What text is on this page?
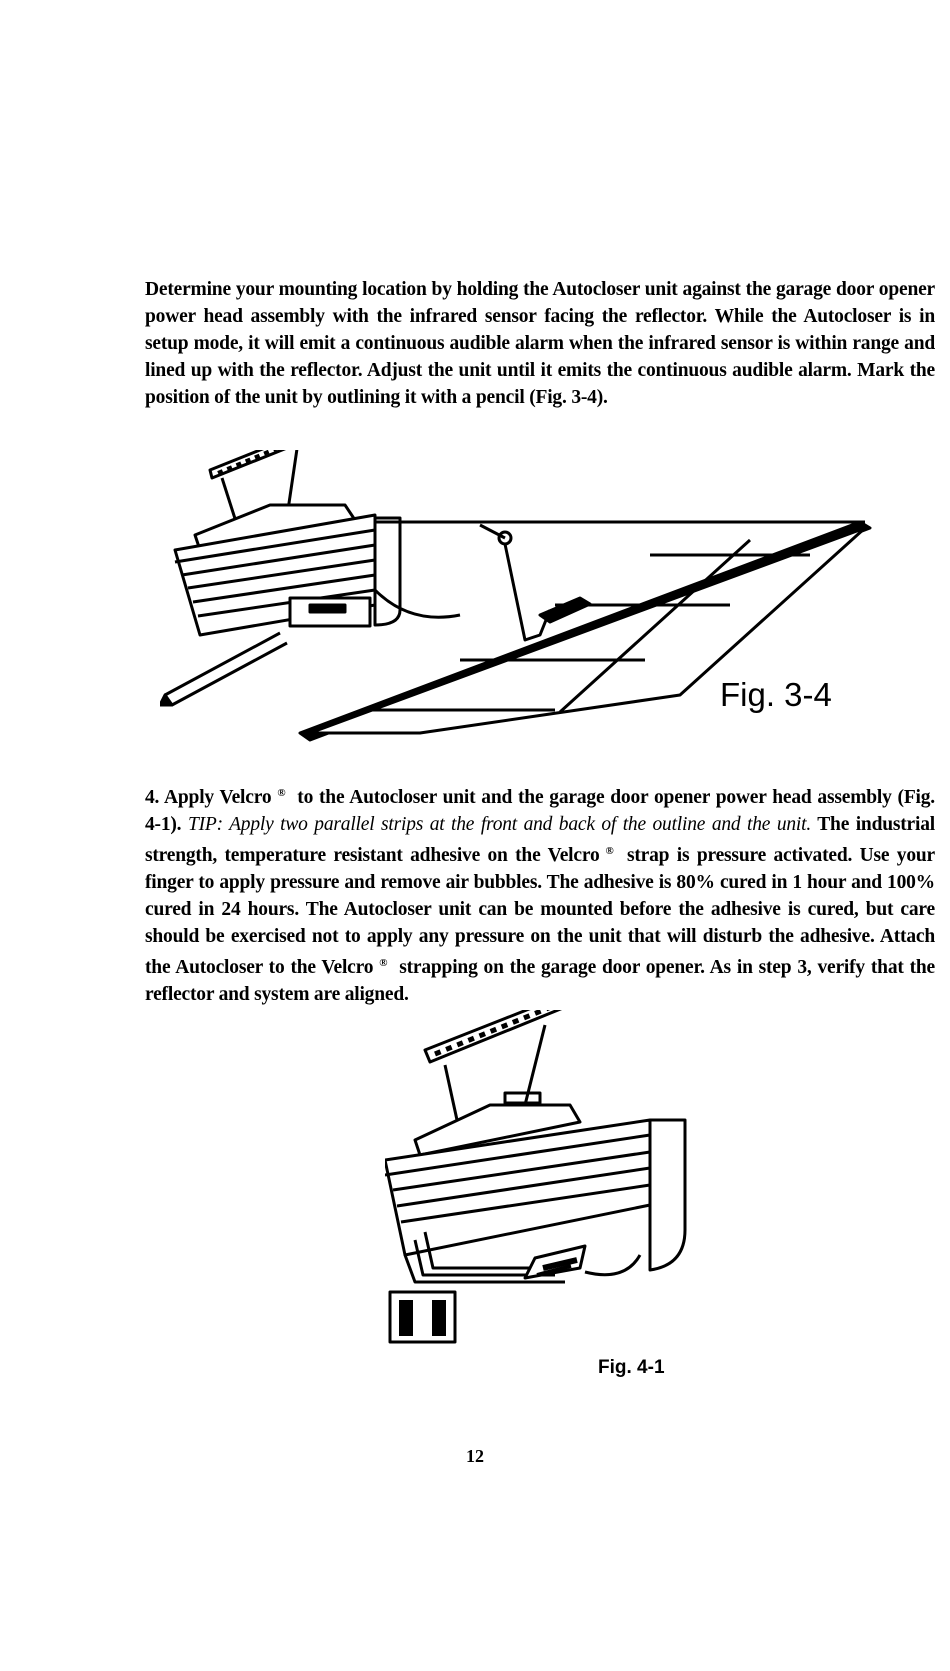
Determine your mounting location by holding the Autocloser unit against the garage door opener power head assembly with the infrared sensor facing the reflector. While the Autocloser is in setup mode, it will emit a continuous audible alarm when the infrared sensor is within range and lined up with the reflector. Adjust the unit until it emits the continuous audible alarm. Mark the position of the unit by outlining it with a pencil (Fig. 3-4).
Fig. 3-4
4. Apply Velcro ® to the Autocloser unit and the garage door opener power head assembly (Fig. 4-1). TIP: Apply two parallel strips at the front and back of the outline and the unit. The industrial strength, temperature resistant adhesive on the Velcro ® strap is pressure activated. Use your finger to apply pressure and remove air bubbles. The adhesive is 80% cured in 1 hour and 100% cured in 24 hours. The Autocloser unit can be mounted before the adhesive is cured, but care should be exercised not to apply any pressure on the unit that will disturb the adhesive. Attach the Autocloser to the Velcro ® strapping on the garage door opener. As in step 3, verify that the reflector and system are aligned.
Fig. 4-1
12
